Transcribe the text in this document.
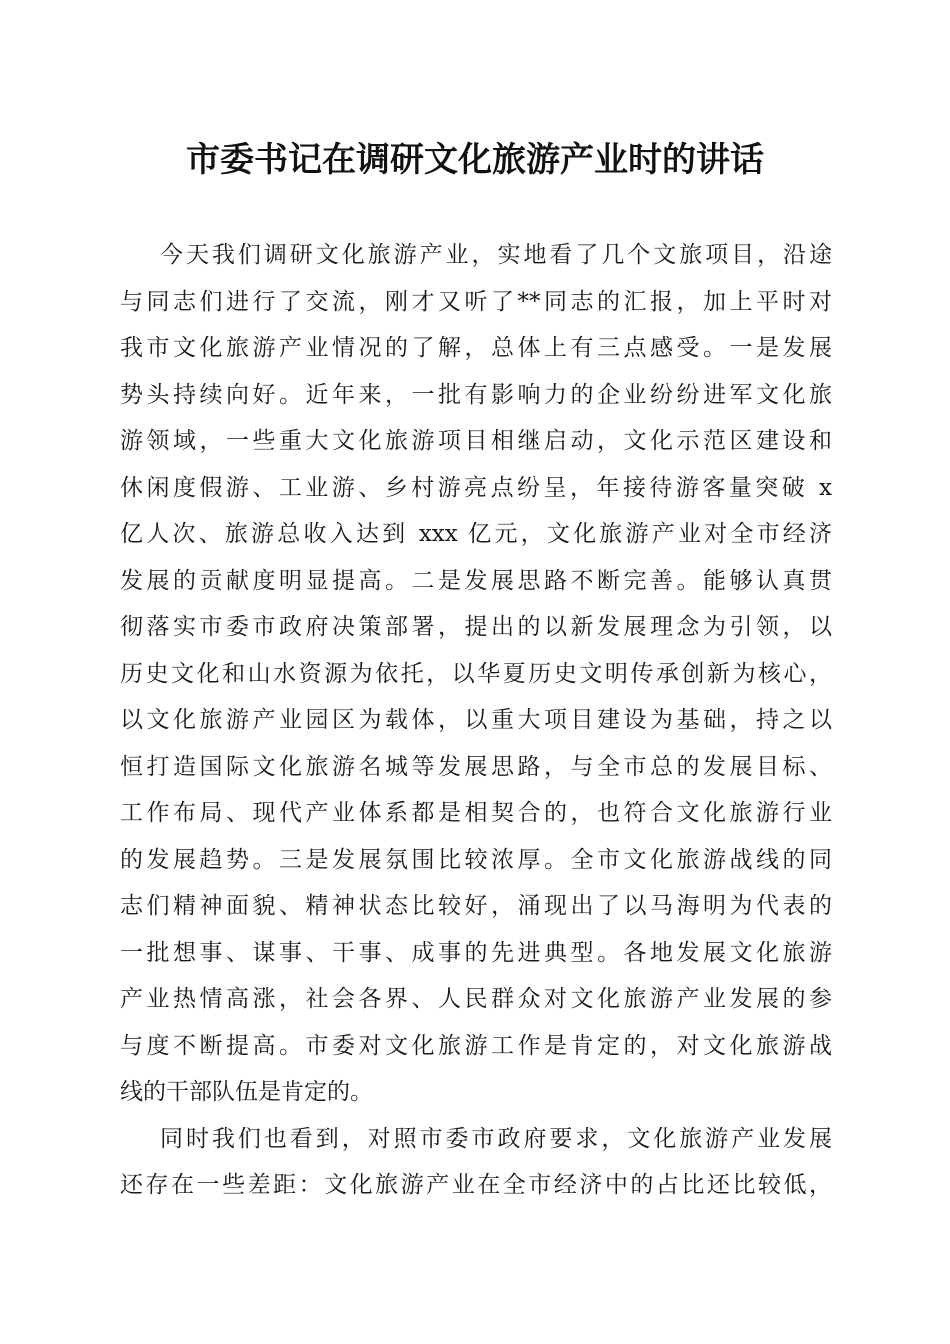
市委书记在调研文化旅游产业时的讲话
今天我们调研文化旅游产业，实地看了几个文旅项目，沿途
与同志们进行了交流，刚才又听了**同志的汇报，加上平时对
我市文化旅游产业情况的了解，总体上有三点感受。一是发展
势头持续向好。近年来，一批有影响力的企业纷纷进军文化旅
游领域，一些重大文化旅游项目相继启动，文化示范区建设和
休闲度假游、工业游、乡村游亮点纷呈，年接待游客量突破 x
亿人次、旅游总收入达到 xxx 亿元，文化旅游产业对全市经济
发展的贡献度明显提高。二是发展思路不断完善。能够认真贯
彻落实市委市政府决策部署，提出的以新发展理念为引领，以
历史文化和山水资源为依托，以华夏历史文明传承创新为核心，
以文化旅游产业园区为载体，以重大项目建设为基础，持之以
恒打造国际文化旅游名城等发展思路，与全市总的发展目标、
工作布局、现代产业体系都是相契合的，也符合文化旅游行业
的发展趋势。三是发展氛围比较浓厚。全市文化旅游战线的同
志们精神面貌、精神状态比较好，涌现出了以马海明为代表的
一批想事、谋事、干事、成事的先进典型。各地发展文化旅游
产业热情高涨，社会各界、人民群众对文化旅游产业发展的参
与度不断提高。市委对文化旅游工作是肯定的，对文化旅游战
线的干部队伍是肯定的。
同时我们也看到，对照市委市政府要求，文化旅游产业发展
还存在一些差距：文化旅游产业在全市经济中的占比还比较低，
